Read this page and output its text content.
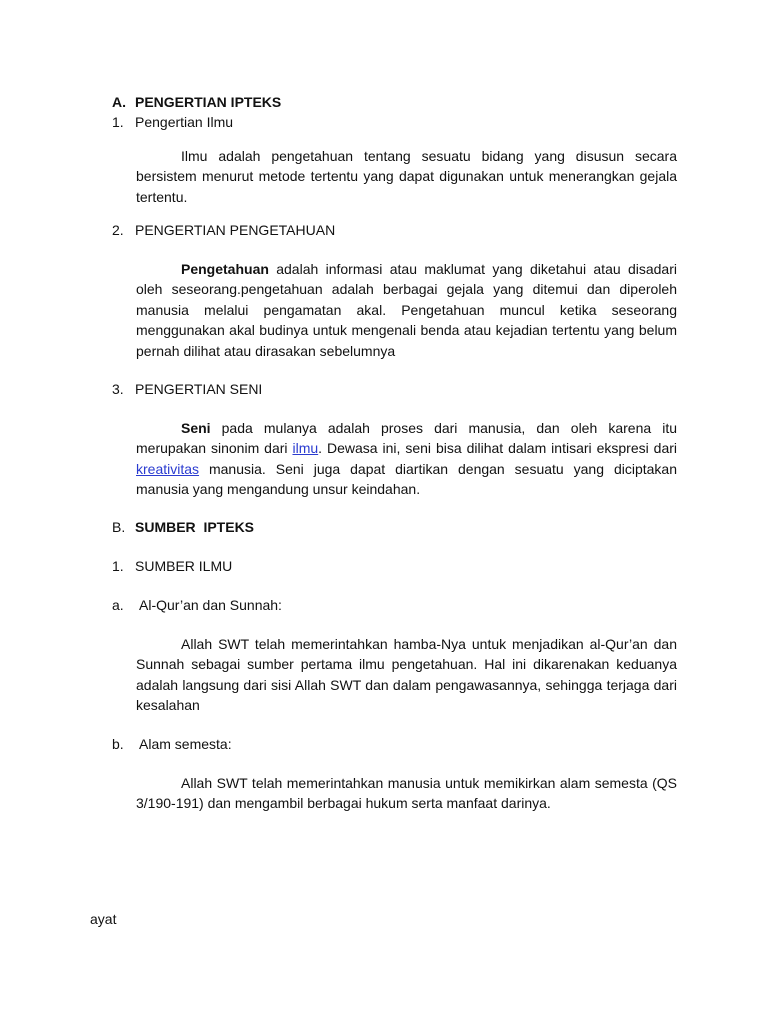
A. PENGERTIAN IPTEKS
1. Pengertian Ilmu

Ilmu adalah pengetahuan tentang sesuatu bidang yang disusun secara bersistem menurut metode tertentu yang dapat digunakan untuk menerangkan gejala tertentu.

2. PENGERTIAN PENGETAHUAN

Pengetahuan adalah informasi atau maklumat yang diketahui atau disadari oleh seseorang.pengetahuan adalah berbagai gejala yang ditemui dan diperoleh manusia melalui pengamatan akal. Pengetahuan muncul ketika seseorang menggunakan akal budinya untuk mengenali benda atau kejadian tertentu yang belum pernah dilihat atau dirasakan sebelumnya

3. PENGERTIAN SENI

Seni pada mulanya adalah proses dari manusia, dan oleh karena itu merupakan sinonim dari ilmu. Dewasa ini, seni bisa dilihat dalam intisari ekspresi dari kreativitas manusia. Seni juga dapat diartikan dengan sesuatu yang diciptakan manusia yang mengandung unsur keindahan.

B. SUMBER  IPTEKS
1. SUMBER ILMU
a. Al-Qur’an dan Sunnah:

Allah SWT telah memerintahkan hamba-Nya untuk menjadikan al-Qur’an dan Sunnah sebagai sumber pertama ilmu pengetahuan. Hal ini dikarenakan keduanya adalah langsung dari sisi Allah SWT dan dalam pengawasannya, sehingga terjaga dari kesalahan

b. Alam semesta:

Allah SWT telah memerintahkan manusia untuk memikirkan alam semesta (QS 3/190-191) dan mengambil berbagai hukum serta manfaat darinya.

ayat
